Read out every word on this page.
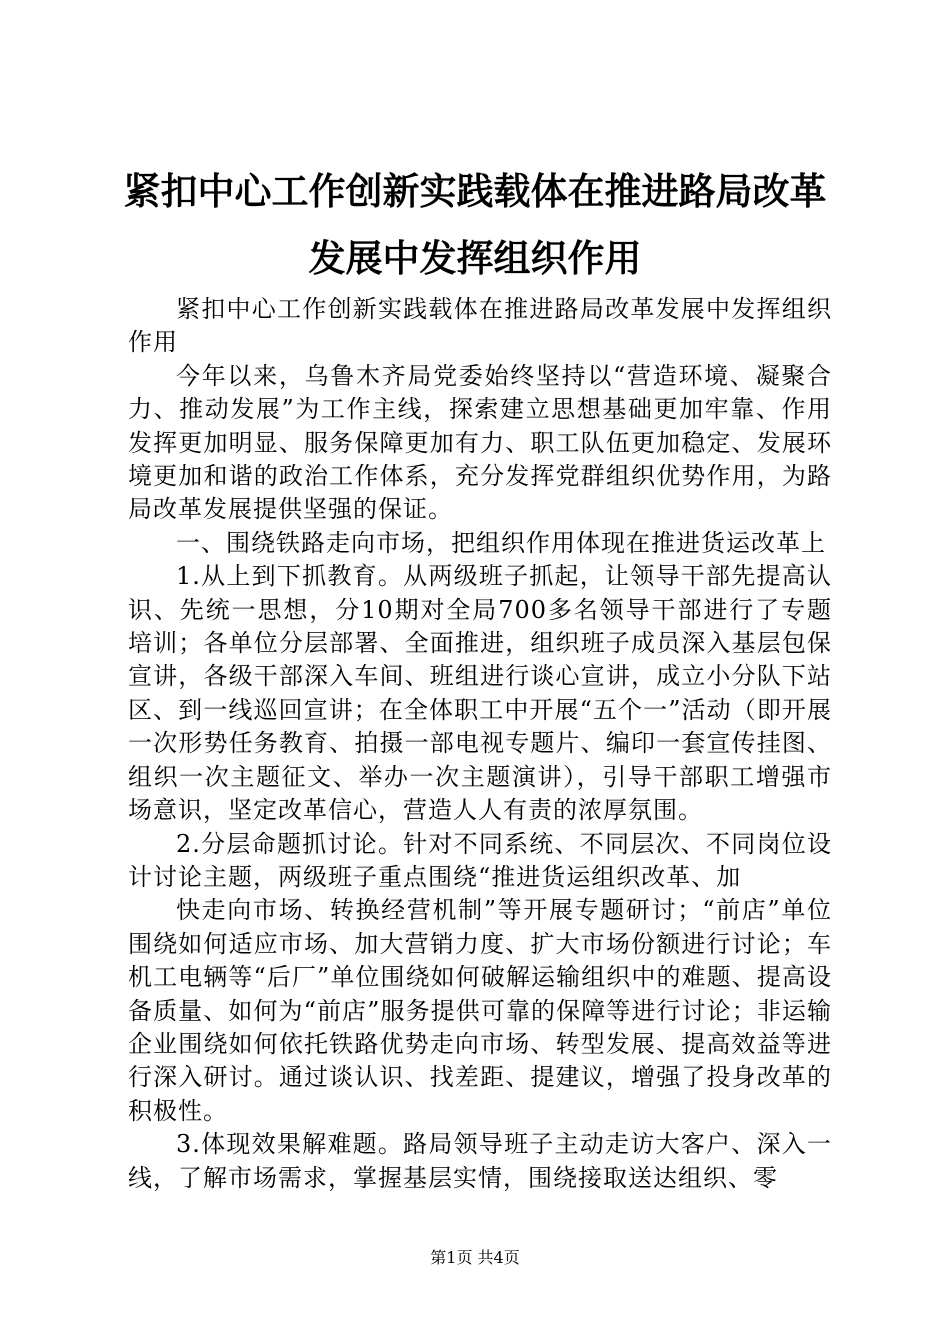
紧扣中心工作创新实践载体在推进路局改革发展中发挥组织作用

紧扣中心工作创新实践载体在推进路局改革发展中发挥组织作用

今年以来，乌鲁木齐局党委始终坚持以“营造环境、凝聚合力、推动发展”为工作主线，探索建立思想基础更加牢靠、作用发挥更加明显、服务保障更加有力、职工队伍更加稳定、发展环境更加和谐的政治工作体系，充分发挥党群组织优势作用，为路局改革发展提供坚强的保证。

一、围绕铁路走向市场，把组织作用体现在推进货运改革上

1.从上到下抓教育。从两级班子抓起，让领导干部先提高认识、先统一思想，分10期对全局700多名领导干部进行了专题培训；各单位分层部署、全面推进，组织班子成员深入基层包保宣讲，各级干部深入车间、班组进行谈心宣讲，成立小分队下站区、到一线巡回宣讲；在全体职工中开展“五个一”活动（即开展一次形势任务教育、拍摄一部电视专题片、编印一套宣传挂图、组织一次主题征文、举办一次主题演讲），引导干部职工增强市场意识，坚定改革信心，营造人人有责的浓厚氛围。

2.分层命题抓讨论。针对不同系统、不同层次、不同岗位设计讨论主题，两级班子重点围绕“推进货运组织改革、加

快走向市场、转换经营机制”等开展专题研讨；“前店”单位围绕如何适应市场、加大营销力度、扩大市场份额进行讨论；车机工电辆等“后厂”单位围绕如何破解运输组织中的难题、提高设备质量、如何为“前店”服务提供可靠的保障等进行讨论；非运输企业围绕如何依托铁路优势走向市场、转型发展、提高效益等进行深入研讨。通过谈认识、找差距、提建议，增强了投身改革的积极性。

3.体现效果解难题。路局领导班子主动走访大客户、深入一线，了解市场需求，掌握基层实情，围绕接取送达组织、零

第1页 共4页
